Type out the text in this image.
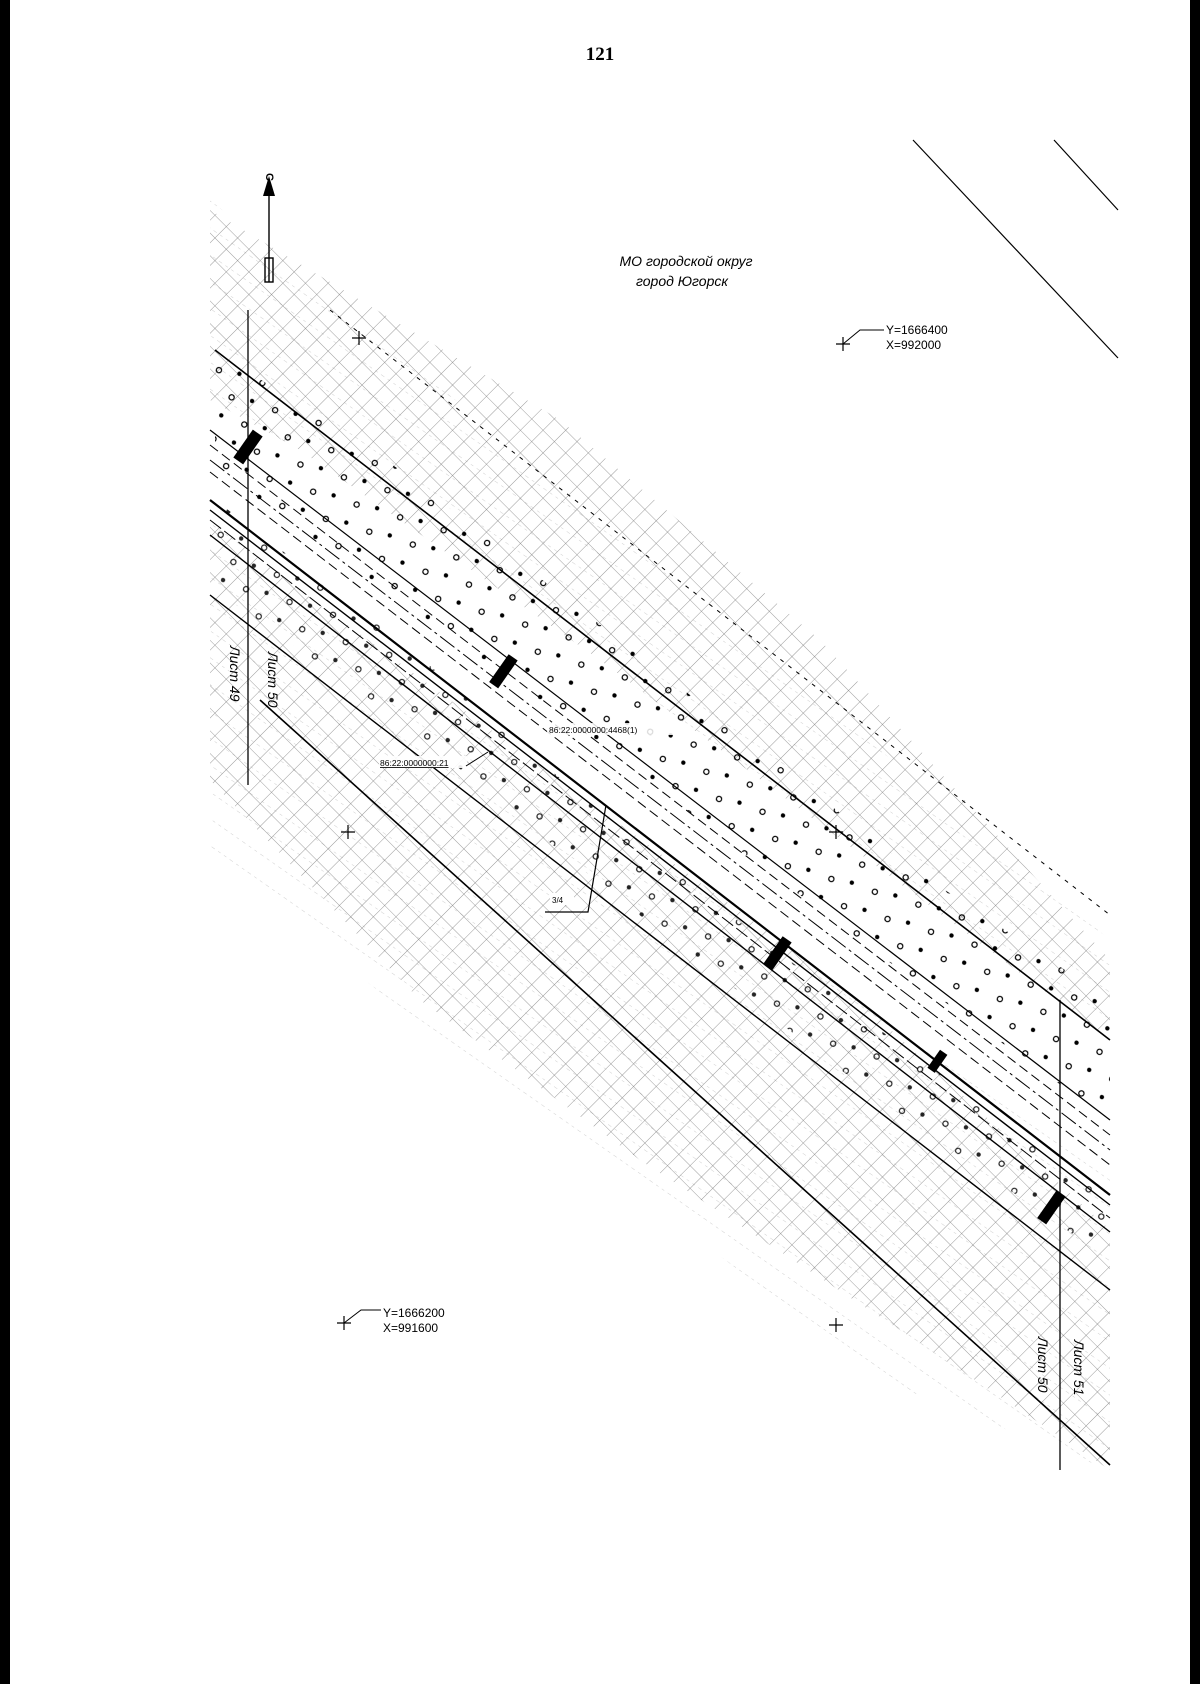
121
С
Y=1666400
X=992000
Y=1666200
X=991600
МО городской округ
город Югорск
Лист 49 Лист 50
Лист 50 Лист 51
86:22:0000000:4468(1)
86:22:0000000:21
3/4
